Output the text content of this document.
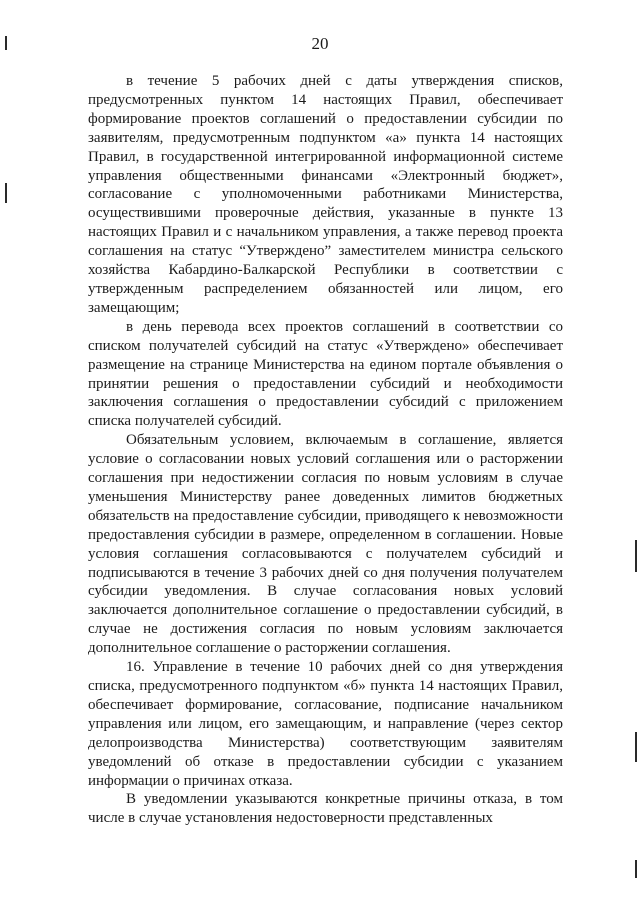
20

в течение 5 рабочих дней с даты утверждения списков, предусмотренных пунктом 14 настоящих Правил, обеспечивает формирование проектов соглашений о предоставлении субсидии по заявителям, предусмотренным подпунктом «а» пункта 14 настоящих Правил, в государственной интегрированной информационной системе управления общественными финансами «Электронный бюджет», согласование с уполномоченными работниками Министерства, осуществившими проверочные действия, указанные в пункте 13 настоящих Правил и с начальником управления, а также перевод проекта соглашения на статус “Утверждено” заместителем министра сельского хозяйства Кабардино-Балкарской Республики в соответствии с утвержденным распределением обязанностей или лицом, его замещающим;

в день перевода всех проектов соглашений в соответствии со списком получателей субсидий на статус «Утверждено» обеспечивает размещение на странице Министерства на едином портале объявления о принятии решения о предоставлении субсидий и необходимости заключения соглашения о предоставлении субсидий с приложением списка получателей субсидий.

Обязательным условием, включаемым в соглашение, является условие о согласовании новых условий соглашения или о расторжении соглашения при недостижении согласия по новым условиям в случае уменьшения Министерству ранее доведенных лимитов бюджетных обязательств на предоставление субсидии, приводящего к невозможности предоставления субсидии в размере, определенном в соглашении. Новые условия соглашения согласовываются с получателем субсидий и подписываются в течение 3 рабочих дней со дня получения получателем субсидии уведомления. В случае согласования новых условий заключается дополнительное соглашение о предоставлении субсидий, в случае не достижения согласия по новым условиям заключается дополнительное соглашение о расторжении соглашения.

16. Управление в течение 10 рабочих дней со дня утверждения списка, предусмотренного подпунктом «б» пункта 14 настоящих Правил, обеспечивает формирование, согласование, подписание начальником управления или лицом, его замещающим, и направление (через сектор делопроизводства Министерства) соответствующим заявителям уведомлений об отказе в предоставлении субсидии с указанием информации о причинах отказа.

В уведомлении указываются конкретные причины отказа, в том числе в случае установления недостоверности представленных
